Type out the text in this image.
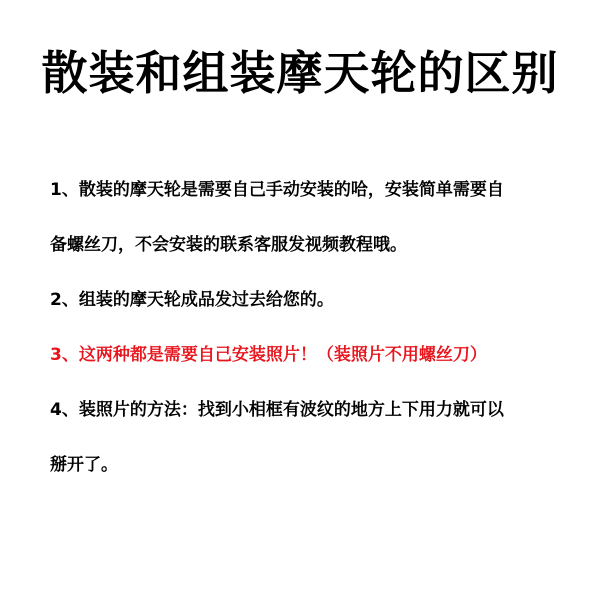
散装和组装摩天轮的区别
1、散装的摩天轮是需要自己手动安装的哈，安装简单需要自
备螺丝刀，不会安装的联系客服发视频教程哦。
2、组装的摩天轮成品发过去给您的。
3、这两种都是需要自己安装照片！（装照片不用螺丝刀）
4、装照片的方法：找到小相框有波纹的地方上下用力就可以
掰开了。
